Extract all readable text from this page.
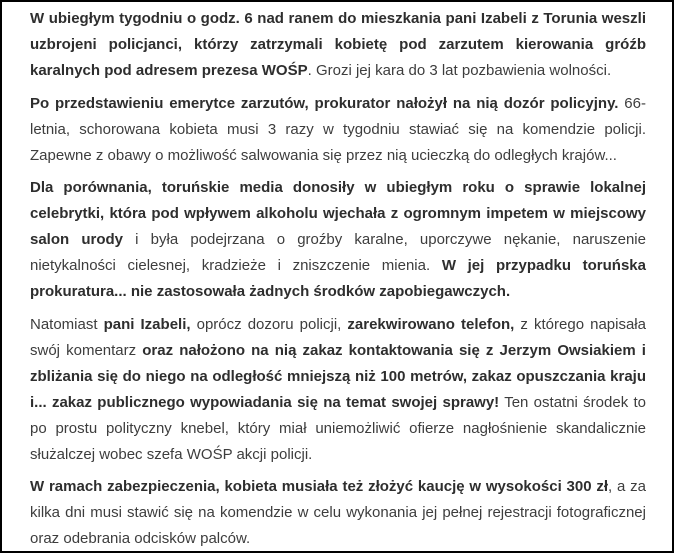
W ubiegłym tygodniu o godz. 6 nad ranem do mieszkania pani Izabeli z Torunia weszli uzbrojeni policjanci, którzy zatrzymali kobietę pod zarzutem kierowania gróźb karalnych pod adresem prezesa WOŚP. Grozi jej kara do 3 lat pozbawienia wolności.

Po przedstawieniu emerytce zarzutów, prokurator nałożył na nią dozór policyjny. 66-letnia, schorowana kobieta musi 3 razy w tygodniu stawiać się na komendzie policji. Zapewne z obawy o możliwość salwowania się przez nią ucieczką do odległych krajów...

Dla porównania, toruńskie media donosiły w ubiegłym roku o sprawie lokalnej celebrytki, która pod wpływem alkoholu wjechała z ogromnym impetem w miejscowy salon urody i była podejrzana o groźby karalne, uporczywe nękanie, naruszenie nietykalności cielesnej, kradzieże i zniszczenie mienia. W jej przypadku toruńska prokuratura... nie zastosowała żadnych środków zapobiegawczych.

Natomiast pani Izabeli, oprócz dozoru policji, zarekwirowano telefon, z którego napisała swój komentarz oraz nałożono na nią zakaz kontaktowania się z Jerzym Owsiakiem i zbliżania się do niego na odległość mniejszą niż 100 metrów, zakaz opuszczania kraju i... zakaz publicznego wypowiadania się na temat swojej sprawy! Ten ostatni środek to po prostu polityczny knebel, który miał uniemożliwić ofierze nagłośnienie skandalicznie służalczej wobec szefa WOŚP akcji policji.

W ramach zabezpieczenia, kobieta musiała też złożyć kaucję w wysokości 300 zł, a za kilka dni musi stawić się na komendzie w celu wykonania jej pełnej rejestracji fotograficznej oraz odebrania odcisków palców.
